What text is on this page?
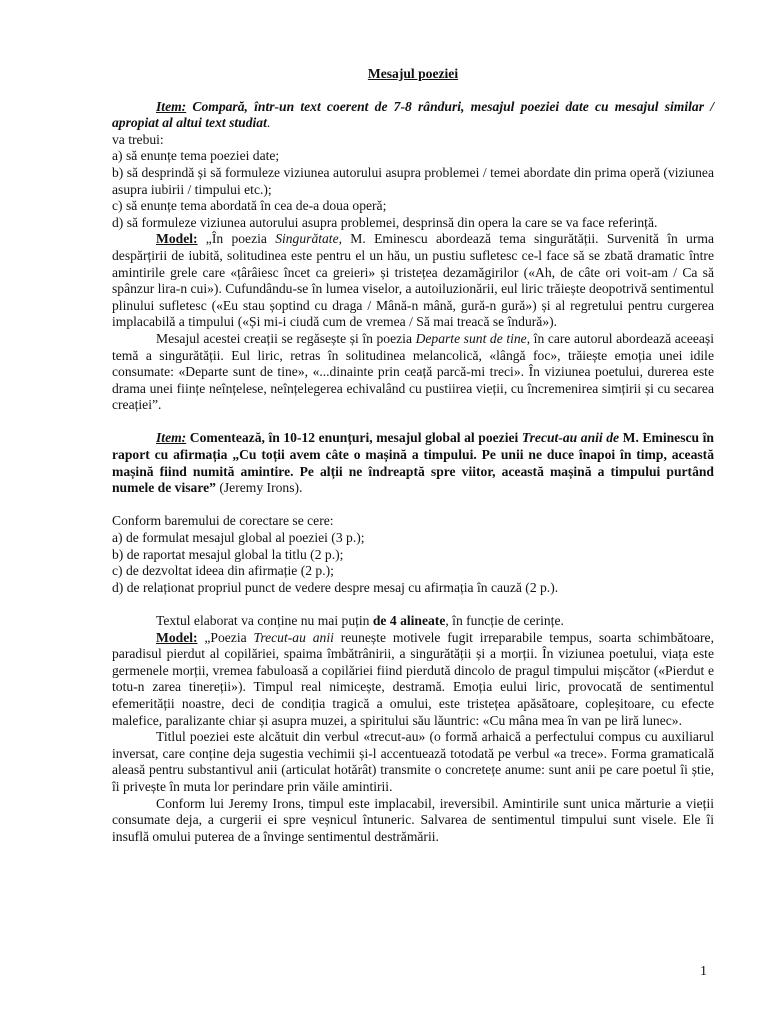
Mesajul poeziei

Item: Compară, într-un text coerent de 7-8 rânduri, mesajul poeziei date cu mesajul similar / apropiat al altui text studiat.

va trebui:

a) să enunțe tema poeziei date;

b) să desprindă și să formuleze viziunea autorului asupra problemei / temei abordate din prima operă (viziunea asupra iubirii / timpului etc.);

c) să enunțe tema abordată în cea de-a doua operă;

d) să formuleze viziunea autorului asupra problemei, desprinsă din opera la care se va face referință.

Model: „În poezia Singurătate, M. Eminescu abordează tema singurătății. Survenită în urma despărțirii de iubită, solitudinea este pentru el un hău, un pustiu sufletesc ce-l face să se zbată dramatic între amintirile grele care «țârâiesc încet ca greieri» și tristețea dezamăgirilor («Ah, de câte ori voit-am / Ca să spânzur lira-n cui»). Cufundându-se în lumea viselor, a autoiluzionării, eul liric trăiește deopotrivă sentimentul plinului sufletesc («Eu stau șoptind cu draga / Mână-n mână, gură-n gură») și al regretului pentru curgerea implacabilă a timpului («Și mi-i ciudă cum de vremea / Să mai treacă se îndură»).

Mesajul acestei creații se regăsește și în poezia Departe sunt de tine, în care autorul abordează aceeași temă a singurătății. Eul liric, retras în solitudinea melancolică, «lângă foc», trăiește emoția unei idile consumate: «Departe sunt de tine», «...dinainte prin ceață parcă-mi treci». În viziunea poetului, durerea este drama unei ființe neînțelese, neînțelegerea echivalând cu pustiirea vieții, cu încremenirea simțirii și cu secarea creației”.

Item: Comentează, în 10-12 enunțuri, mesajul global al poeziei Trecut-au anii de M. Eminescu în raport cu afirmația „Cu toții avem câte o mașină a timpului. Pe unii ne duce înapoi în timp, această mașină fiind numită amintire. Pe alții ne îndreaptă spre viitor, această mașină a timpului purtând numele de visare” (Jeremy Irons).

Conform baremului de corectare se cere:

a) de formulat mesajul global al poeziei (3 p.);

b) de raportat mesajul global la titlu (2 p.);

c) de dezvoltat ideea din afirmație (2 p.);

d) de relaționat propriul punct de vedere despre mesaj cu afirmația în cauză (2 p.).

Textul elaborat va conține nu mai puțin de 4 alineate, în funcție de cerințe.

Model: „Poezia Trecut-au anii reunește motivele fugit irreparabile tempus, soarta schimbătoare, paradisul pierdut al copilăriei, spaima îmbătrânirii, a singurătății și a morții. În viziunea poetului, viața este germenele morții, vremea fabuloasă a copilăriei fiind pierdută dincolo de pragul timpului mișcător («Pierdut e totu-n zarea tinereții»). Timpul real nimicește, destramă. Emoția eului liric, provocată de sentimentul efemerității noastre, deci de condiția tragică a omului, este tristețea apăsătoare, copleșitoare, cu efecte malefice, paralizante chiar și asupra muzei, a spiritului său lăuntric: «Cu mâna mea în van pe liră lunec».

Titlul poeziei este alcătuit din verbul «trecut-au» (o formă arhaică a perfectului compus cu auxiliarul inversat, care conține deja sugestia vechimii și-l accentuează totodată pe verbul «a trece». Forma gramaticală aleasă pentru substantivul anii (articulat hotărât) transmite o concretețe anume: sunt anii pe care poetul îi știe, îi privește în muta lor perindare prin văile amintirii.

Conform lui Jeremy Irons, timpul este implacabil, ireversibil. Amintirile sunt unica mărturie a vieții consumate deja, a curgerii ei spre veșnicul întuneric. Salvarea de sentimentul timpului sunt visele. Ele îi insuflă omului puterea de a învinge sentimentul destrămării.

1
